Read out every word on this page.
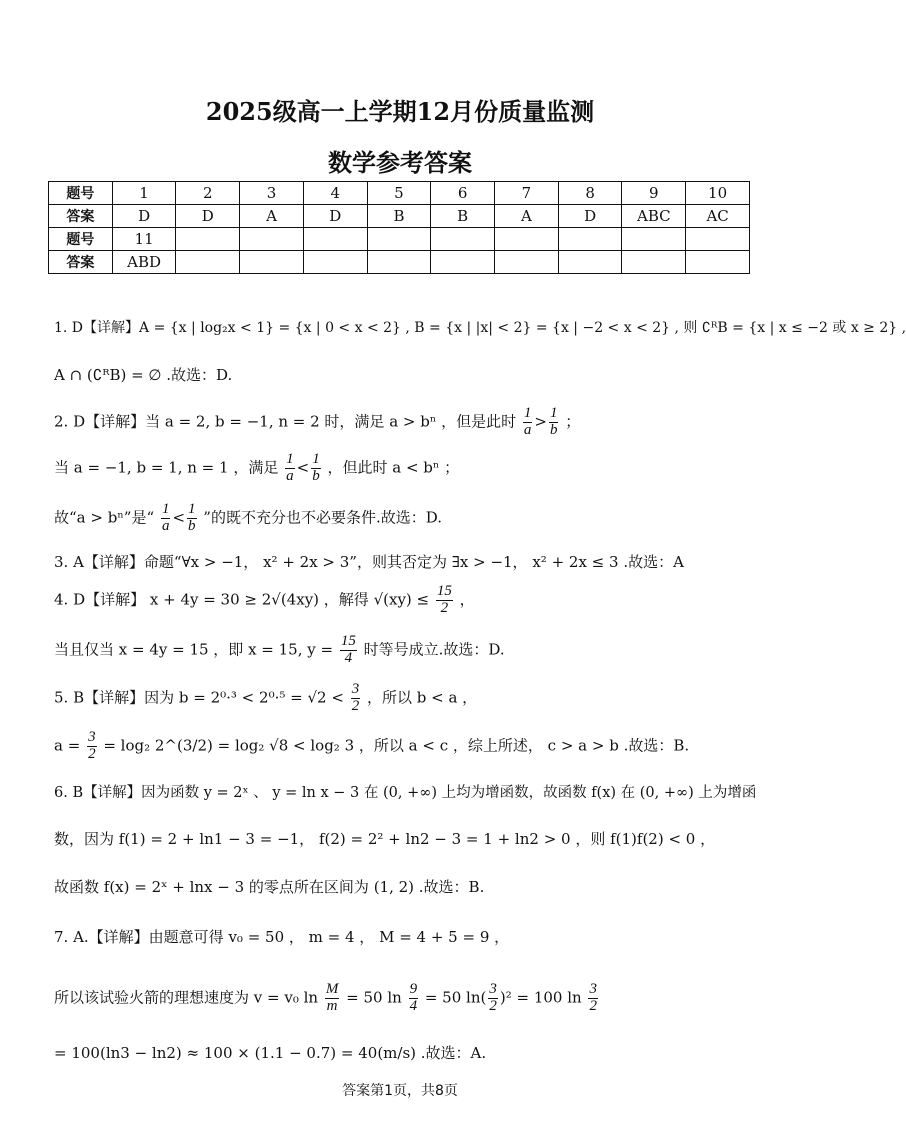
2025级高一上学期12月份质量监测
数学参考答案
题号	1	2	3	4	5	6	7	8	9	10
答案	D	D	A	D	B	B	A	D	ABC	AC
题号	11									
答案	ABD									
1. D【详解】A = {x | log₂x < 1} = {x | 0 < x < 2} , B = {x | |x| < 2} = {x | −2 < x < 2} , 则 ∁ᴿB = {x | x ≤ −2 或 x ≥ 2} ,
A ∩ (∁ᴿB) = ∅ .故选：D.
2. D【详解】当 a = 2, b = −1, n = 2 时，满足 a > bⁿ ，但是此时 $\frac{1}{a} > \frac{1}{b}$ ；
当 a = −1, b = 1, n = 1 ，满足 $\frac{1}{a} < \frac{1}{b}$ ，但此时 a < bⁿ ；
故“a > bⁿ”是“ $\frac{1}{a} < \frac{1}{b}$ ”的既不充分也不必要条件.故选：D.
3. A【详解】命题“∀x > −1， x² + 2x > 3”，则其否定为 ∃x > −1， x² + 2x ≤ 3 .故选：A
4. D【详解】 x + 4y = 30 ≥ 2√(4xy) ，解得 $√(xy) \le \frac{15}{2}$ ，
当且仅当 x = 4y = 15 ，即 x = 15, $y = \frac{15}{4}$ 时等号成立.故选：D.
5. B【详解】因为 $b = 2^0\cdot^3 < 2^0\cdot^5 = √2 < \frac{3}{2}$ ，所以 b < a ，
$a = \frac{3}{2} = \log_2$ 2^(3/2) = log₂ √8 < log₂ 3 ，所以 a < c ，综上所述， c > a > b .故选：B.
6. B【详解】因为函数 y = 2ˣ 、 y = ln x − 3 在 (0, +∞) 上均为增函数，故函数 f(x) 在 (0, +∞) 上为增函
数，因为 f(1) = 2 + ln1 − 3 = −1， f(2) = 2² + ln2 − 3 = 1 + ln2 > 0 ，则 f(1)f(2) < 0 ，
故函数 f(x) = 2ˣ + lnx − 3 的零点所在区间为 (1, 2) .故选：B.
7. A.【详解】由题意可得 v₀ = 50 ， m = 4 ， M = 4 + 5 = 9 ，
所以该试验火箭的理想速度为 v = v₀ $\ln \frac{M}{m} = 50$ $\ln \frac{9}{4} = 50$ $\ln( \frac{3}{2} )^2 = 100$ $\ln \frac{3}{2}$
= 100(ln3 − ln2) ≈ 100 × (1.1 − 0.7) = 40(m/s) .故选：A.
答案第1页，共8页
